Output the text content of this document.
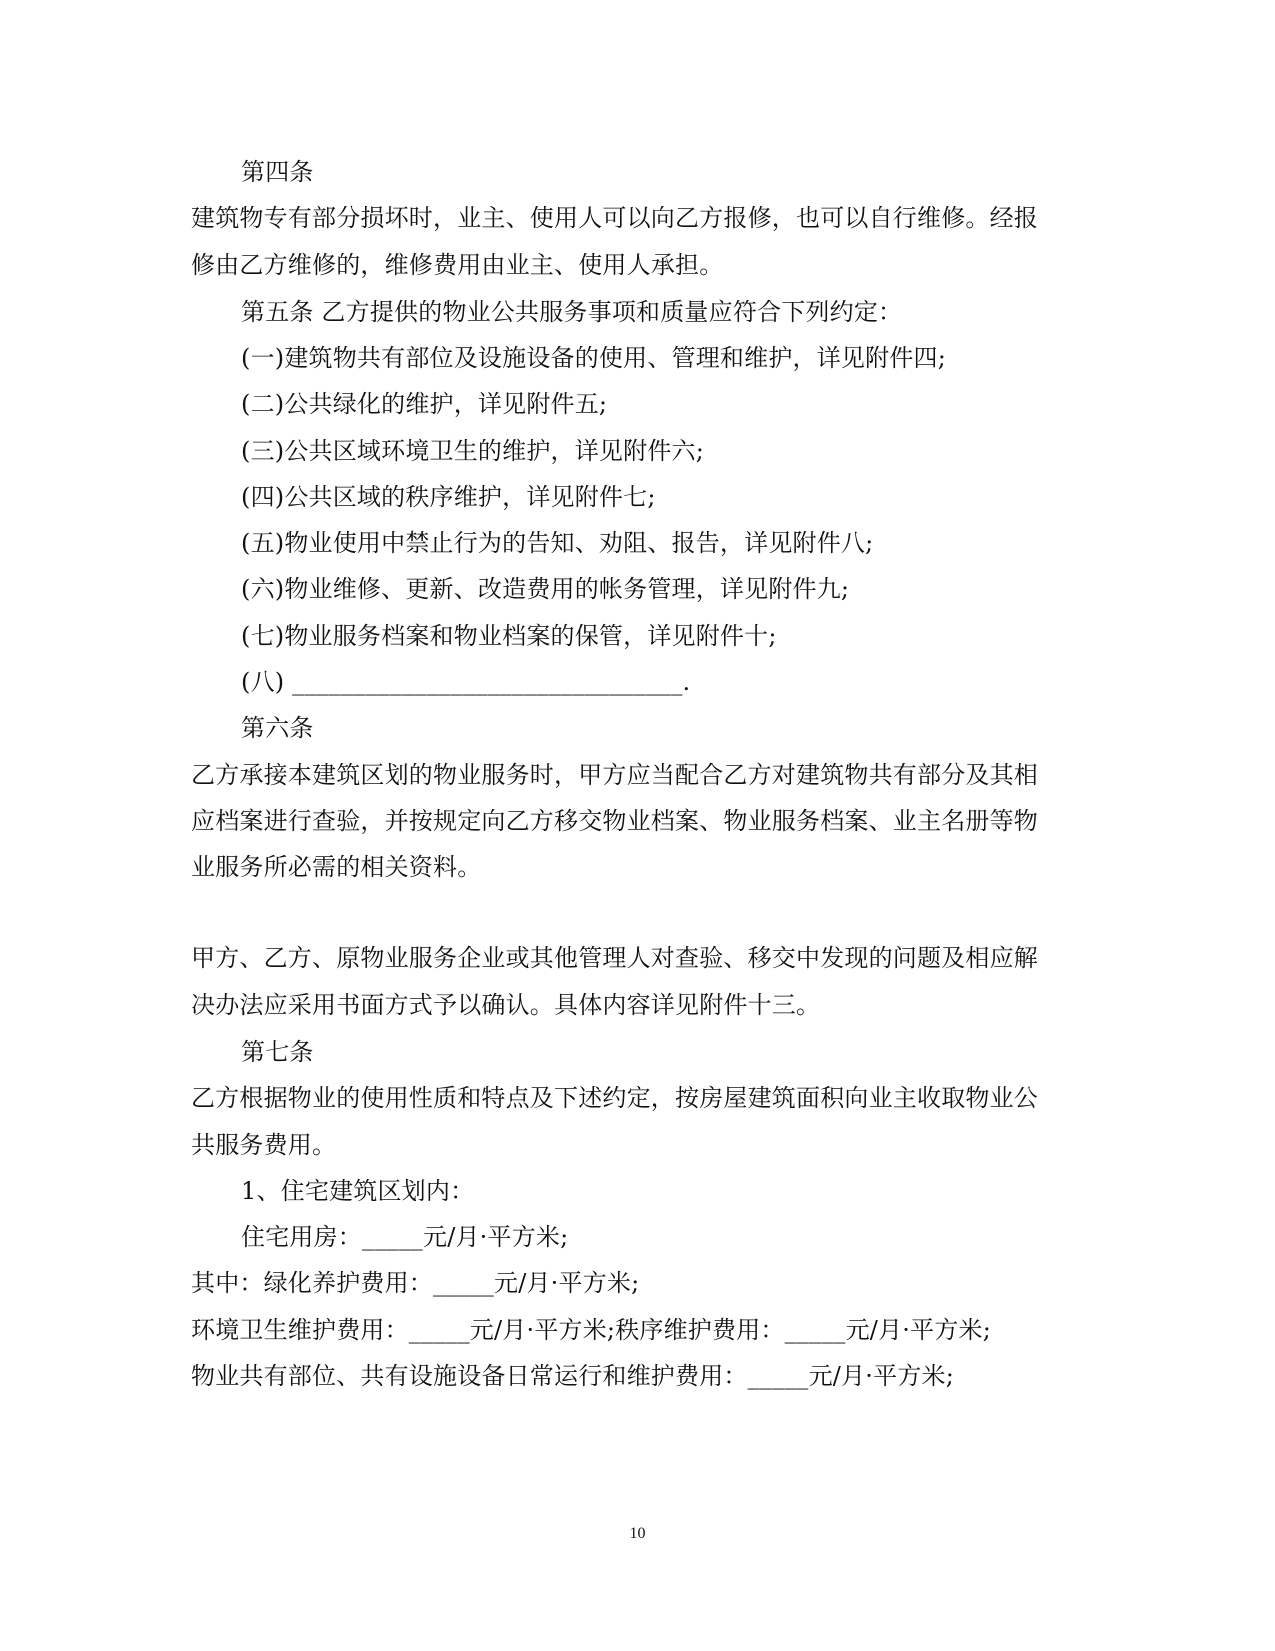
第四条
建筑物专有部分损坏时，业主、使用人可以向乙方报修，也可以自行维修。经报
修由乙方维修的，维修费用由业主、使用人承担。
第五条 乙方提供的物业公共服务事项和质量应符合下列约定：
(一)建筑物共有部位及设施设备的使用、管理和维护，详见附件四;
(二)公共绿化的维护，详见附件五;
(三)公共区域环境卫生的维护，详见附件六;
(四)公共区域的秩序维护，详见附件七;
(五)物业使用中禁止行为的告知、劝阻、报告，详见附件八;
(六)物业维修、更新、改造费用的帐务管理，详见附件九;
(七)物业服务档案和物业档案的保管，详见附件十;
(八) ________________________________.
第六条
乙方承接本建筑区划的物业服务时，甲方应当配合乙方对建筑物共有部分及其相
应档案进行查验，并按规定向乙方移交物业档案、物业服务档案、业主名册等物
业服务所必需的相关资料。
甲方、乙方、原物业服务企业或其他管理人对查验、移交中发现的问题及相应解
决办法应采用书面方式予以确认。具体内容详见附件十三。
第七条
乙方根据物业的使用性质和特点及下述约定，按房屋建筑面积向业主收取物业公
共服务费用。
1、住宅建筑区划内：
住宅用房：_____元/月·平方米;
其中：绿化养护费用：_____元/月·平方米;
环境卫生维护费用：_____元/月·平方米;秩序维护费用：_____元/月·平方米;
物业共有部位、共有设施设备日常运行和维护费用：_____元/月·平方米;
10
